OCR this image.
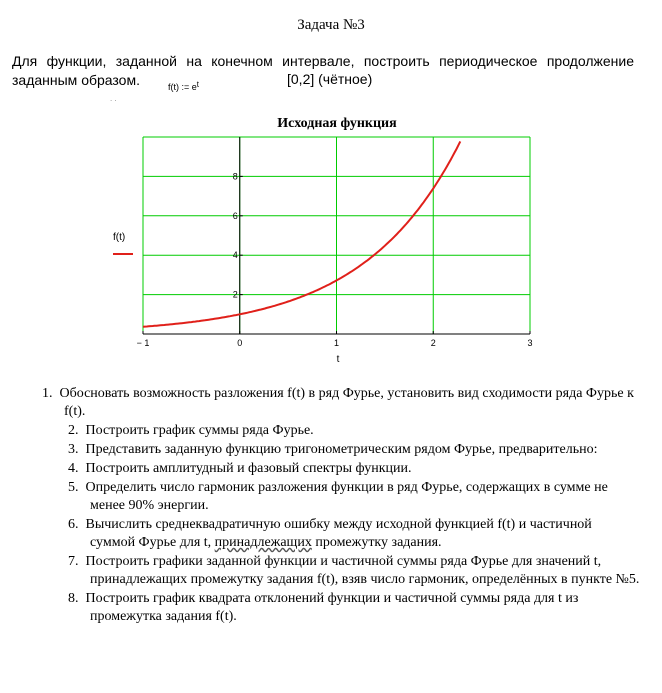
Задача №3
Для функции, заданной на конечном интервале, построить периодическое продолжение
заданным образом.	f(t) := $e^t$	[0,2] (чётное)
. .
Исходная функция
− 1	0	1	2	3
2
4
6
8
f(t)
t
1. Обосновать возможность разложения f(t) в ряд Фурье, установить вид сходимости ряда Фурье к f(t).
2. Построить график суммы ряда Фурье.
3. Представить заданную функцию тригонометрическим рядом Фурье, предварительно:
4. Построить амплитудный и фазовый спектры функции.
5. Определить число гармоник разложения функции в ряд Фурье, содержащих в сумме не менее 90% энергии.
6. Вычислить среднеквадратичную ошибку между исходной функцией f(t) и частичной суммой Фурье для t, принадлежащих промежутку задания.
7. Построить графики заданной функции и частичной суммы ряда Фурье для значений t, принадлежащих промежутку задания f(t), взяв число гармоник, определённых в пункте №5.
8. Построить график квадрата отклонений функции и частичной суммы ряда для t из промежутка задания f(t).
